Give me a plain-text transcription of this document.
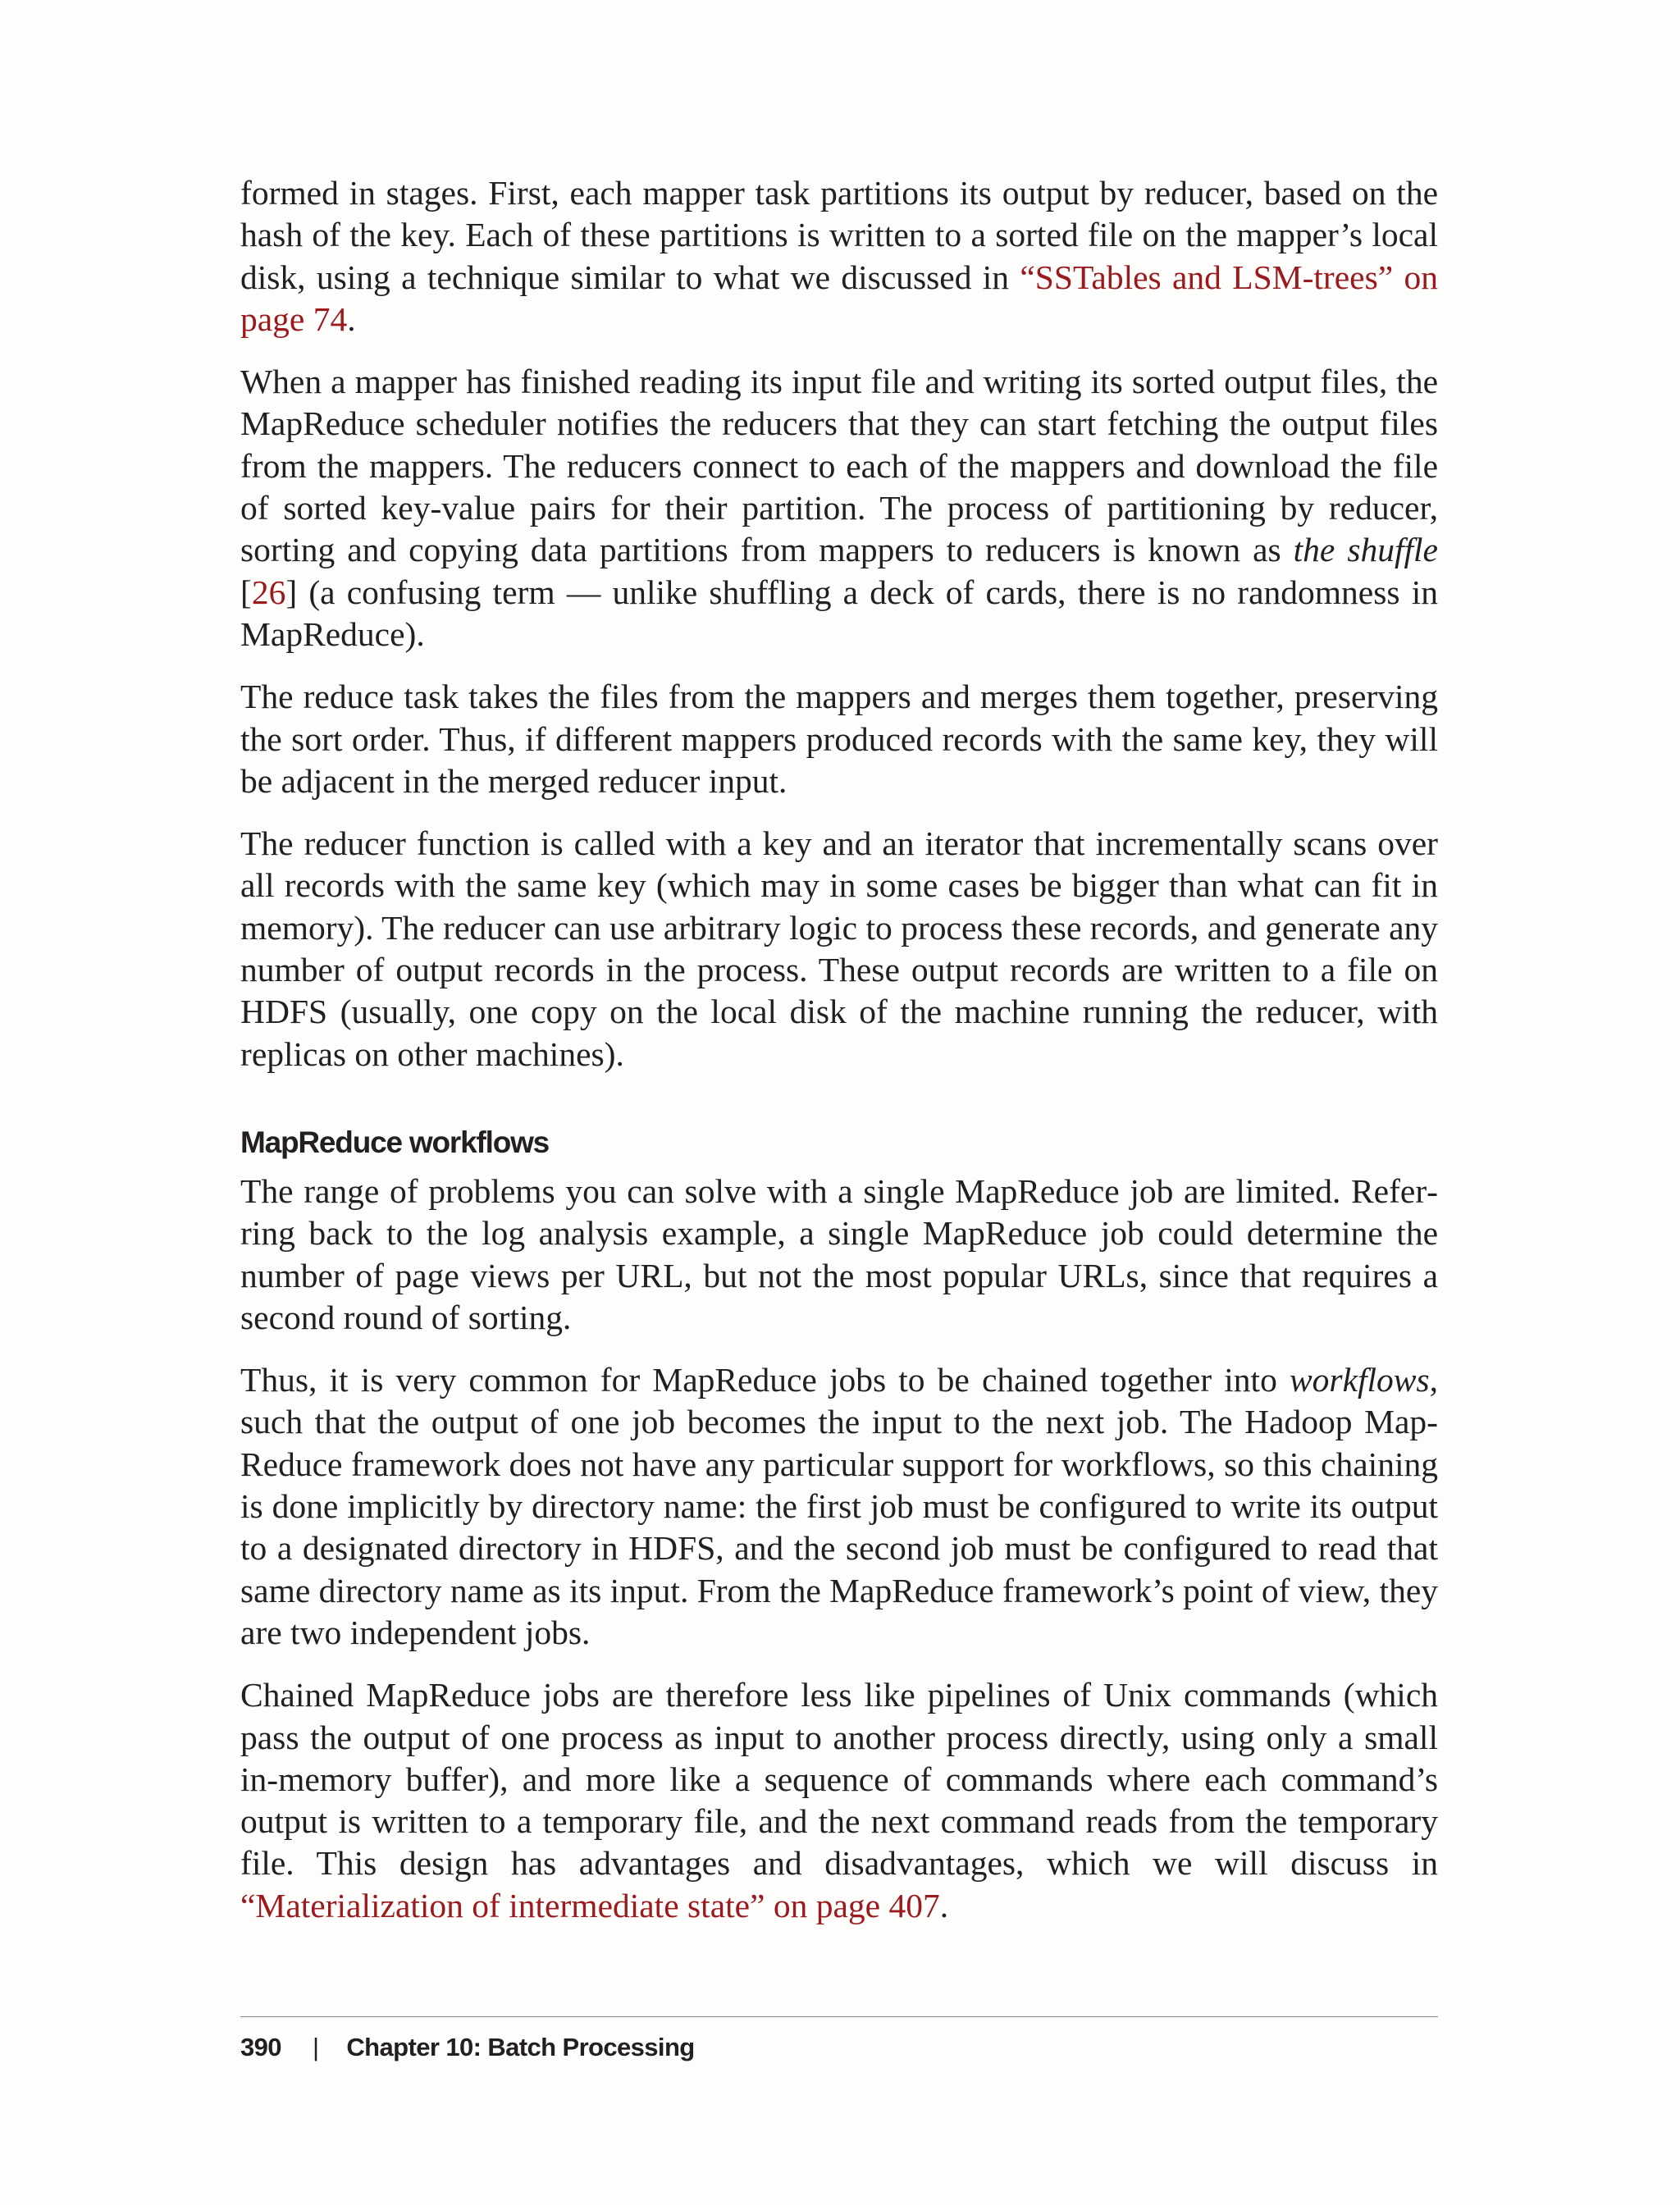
formed in stages. First, each mapper task partitions its output by reducer, based on the hash of the key. Each of these partitions is written to a sorted file on the mapper’s local disk, using a technique similar to what we discussed in “SSTables and LSM-trees” on page 74.

When a mapper has finished reading its input file and writing its sorted output files, the MapReduce scheduler notifies the reducers that they can start fetching the output files from the mappers. The reducers connect to each of the mappers and download the file of sorted key-value pairs for their partition. The process of partitioning by reducer, sorting and copying data partitions from mappers to reducers is known as the shuffle [26] (a confusing term — unlike shuffling a deck of cards, there is no randomness in MapReduce).

The reduce task takes the files from the mappers and merges them together, preserving the sort order. Thus, if different mappers produced records with the same key, they will be adjacent in the merged reducer input.

The reducer function is called with a key and an iterator that incrementally scans over all records with the same key (which may in some cases be bigger than what can fit in memory). The reducer can use arbitrary logic to process these records, and generate any number of output records in the process. These output records are written to a file on HDFS (usually, one copy on the local disk of the machine running the reducer, with replicas on other machines).

MapReduce workflows

The range of problems you can solve with a single MapReduce job are limited. Referring back to the log analysis example, a single MapReduce job could determine the number of page views per URL, but not the most popular URLs, since that requires a second round of sorting.

Thus, it is very common for MapReduce jobs to be chained together into workflows, such that the output of one job becomes the input to the next job. The Hadoop MapReduce framework does not have any particular support for workflows, so this chaining is done implicitly by directory name: the first job must be configured to write its output to a designated directory in HDFS, and the second job must be configured to read that same directory name as its input. From the MapReduce framework’s point of view, they are two independent jobs.

Chained MapReduce jobs are therefore less like pipelines of Unix commands (which pass the output of one process as input to another process directly, using only a small in-memory buffer), and more like a sequence of commands where each command’s output is written to a temporary file, and the next command reads from the temporary file. This design has advantages and disadvantages, which we will discuss in “Materialization of intermediate state” on page 407.

390 | Chapter 10: Batch Processing
